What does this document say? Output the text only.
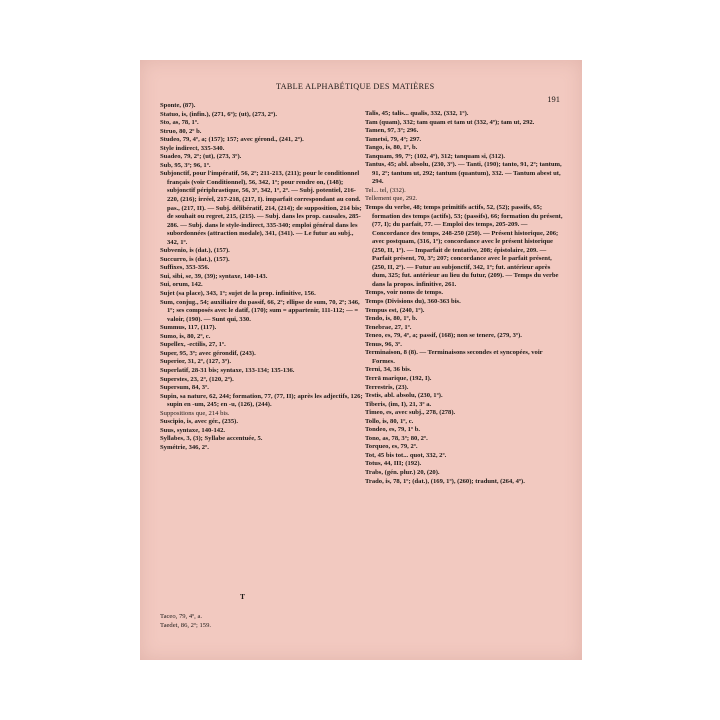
TABLE ALPHABÉTIQUE DES MATIÈRES
191

Sponte, (87).

Statuo, is, (infin.), (271, 6º); (ut), (273, 2º).

Sto, as, 78, 1º.

Struo, 80, 2º b.

Studeo, 79, 4º, a; (157); 157; avec gérond., (241, 2º).

Style indirect, 335-340.

Suadeo, 79, 2º; (ut), (273, 3º).

Sub, 95, 3º; 96, 1º.

Subjonctif, pour l'impératif, 56, 2º; 211-213, (211); pour le conditionnel français (voir Conditionnel), 56, 342, 1º; pour rendre on, (148); subjonctif périphrastique, 56, 3º, 342, 1º, 2º. — Subj. potentiel, 216-220, (216); irréel, 217-218, (217, I). imparfait correspondant au cond. pas., (217, II). — Subj. délibératif, 214, (214); de supposition, 214 bis; de souhait ou regret, 215, (215). — Subj. dans les prop. causales, 285-286. — Subj. dans le style-indirect, 335-340; emploi général dans les subordonnées (attraction modale), 341, (341). — Le futur au subj., 342, 1º.

Subvenio, is (dat.), (157).

Succurro, is (dat.), (157).

Suffixes, 353-356.

Sui, sibi, se, 39, (39); syntaxe, 140-143.

Sui, orum, 142.

Sujet (sa place), 343, 1º; sujet de la prop. infinitive, 156.

Sum, conjug., 54; auxiliaire du passif, 66, 2º; ellipse de sum, 70, 2º; 346, 1º; ses composés avec le datif, (170); sum = appartenir, 111-112; — = valoir, (190). — Sunt qui, 330.

Summus, 117, (117).

Sumo, is, 80, 2º, c.

Supellex, -ectilis, 27, 1º.

Super, 95, 3º; avec gérondif, (243).

Superior, 31, 2º, (127, 3º).

Superlatif, 28-31 bis; syntaxe, 133-134; 135-136.

Superstes, 23, 2º, (120, 2º).

Supersum, 84, 3º.

Supin, sa nature, 62, 244; formation, 77, (77, II); après les adjectifs, 126; supin en -um, 245; en -u, (126), (244).

Suppositions que, 214 bis.

Suscipio, is, avec gér., (235).

Suus, syntaxe, 140-142.

Syllabes, 3, (3); Syllabe accentuée, 5.

Symétrie, 346, 2º.

Talis, 45; talis... qualis, 332, (332, 1º).

Tam (quam), 332; tam quam et tam ut (332, 4º); tam ut, 292.

Tamen, 97, 3º; 296.

Tametsi, 79, 4º; 297.

Tango, is, 80, 1º, b.

Tanquam, 99, 7º; (102, 4º), 312; tanquam si, (312).

Tantus, 45; abl. absolu, (230, 3º). — Tanti, (190); tanto, 91, 2º; tantum, 91, 2º; tantum ut, 292; tantum (quantum), 332. — Tantum abest ut, 294.

Tel... tel, (332).

Tellement que, 292.

Temps du verbe, 48; temps primitifs actifs, 52, (52); passifs, 65; formation des temps (actifs), 53; (passifs), 66; formation du présent, (77, I); du parfait, 77. — Emploi des temps, 205-209. — Concordance des temps, 248-250 (250). — Présent historique, 206; avec postquam, (316, 1º); concordance avec le présent historique (250, II, 1º). — Imparfait de tentative, 208; épistolaire, 209. — Parfait présent, 70, 3º; 207; concordance avec le parfait présent, (250, II, 2º). — Futur au subjonctif, 342, 1º; fut. antérieur après dum, 325; fut. antérieur au lieu du futur, (209). — Temps du verbe dans la propos. infinitive, 261.

Temps, voir noms de temps.

Temps (Divisions du), 360-363 bis.

Tempus est, (240, 1º).

Tendo, is, 80, 1º, b.

Tenebrae, 27, 1º.

Teneo, es, 79, 4º, a; passif, (168); non se tenere, (279, 3º).

Tenus, 96, 3º.

Terminaison, 8 (8). — Terminaisons secondes et syncopées, voir Formes.

Terni, 34, 36 bis.

Terrā marique, (192, I).

Terrestris, (23).

Testis, abl. absolu, (230, 1º).

Tiberis, (im, I), 21, 3º a.

Timeo, es, avec subj., 278, (278).

Tollo, is, 80, 1º, c.

Tondeo, es, 79, 1º b.

Tono, as, 78, 3º; 80, 2º.

Torqueo, es, 79, 2º.

Tot, 45 bis tot... quot, 332, 2º.

Totus, 44, III; (192).

Trabs, (gén. plur.) 20, (20).

Trado, is, 78, 1º; (dat.), (169, 1º), (260); tradunt, (264, 4º).

T

Taceo, 79, 4º, a.

Taedet, 86, 2º; 159.
